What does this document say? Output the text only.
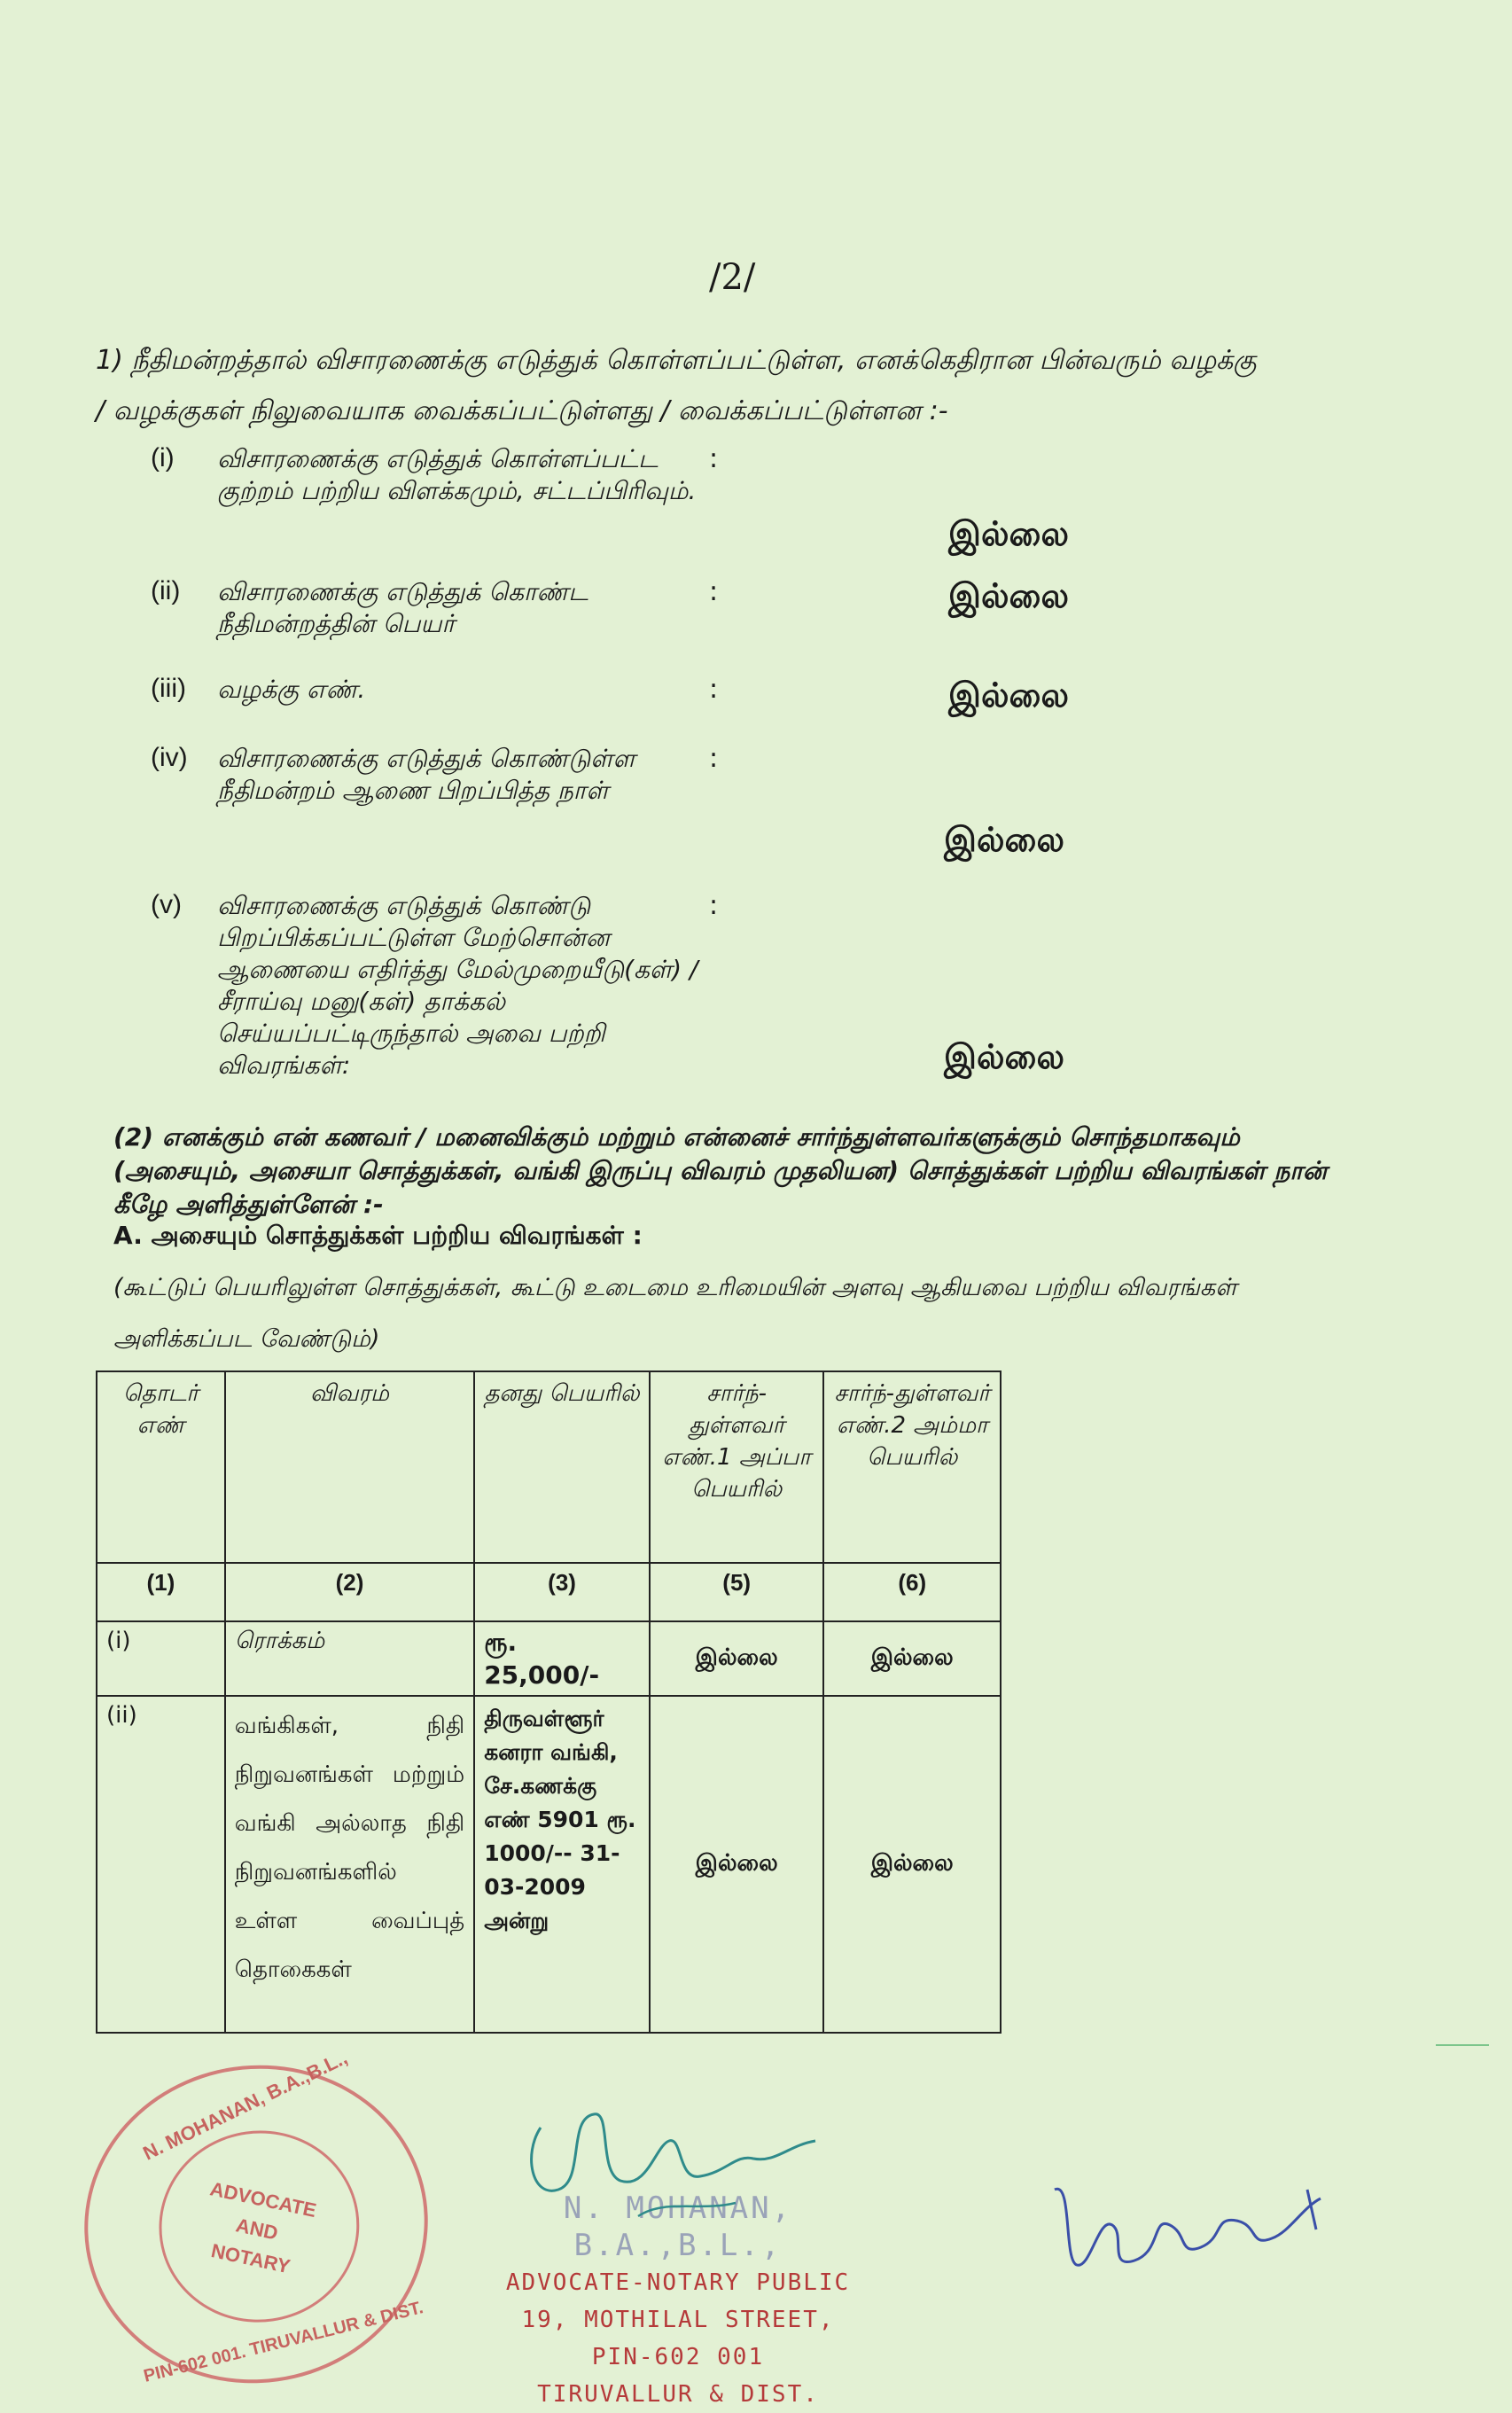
/2/
1) நீதிமன்றத்தால் விசாரணைக்கு எடுத்துக் கொள்ளப்பட்டுள்ள, எனக்கெதிரான பின்வரும் வழக்கு
/ வழக்குகள் நிலுவையாக வைக்கப்பட்டுள்ளது / வைக்கப்பட்டுள்ளன :-
(i) விசாரணைக்கு எடுத்துக் கொள்ளப்பட்ட குற்றம் பற்றிய விளக்கமும், சட்டப்பிரிவும்.
:
இல்லை
(ii) விசாரணைக்கு எடுத்துக் கொண்ட நீதிமன்றத்தின் பெயர்
:	இல்லை
(iii) வழக்கு எண்.	:	இல்லை
(iv) விசாரணைக்கு எடுத்துக் கொண்டுள்ள நீதிமன்றம் ஆணை பிறப்பித்த நாள்
:
இல்லை
(v) விசாரணைக்கு எடுத்துக் கொண்டு பிறப்பிக்கப்பட்டுள்ள மேற்சொன்ன ஆணையை எதிர்த்து மேல்முறையீடு(கள்) / சீராய்வு மனு(கள்) தாக்கல் செய்யப்பட்டிருந்தால் அவை பற்றி விவரங்கள்:
:
இல்லை
(2) எனக்கும் என் கணவர் / மனைவிக்கும் மற்றும் என்னைச் சார்ந்துள்ளவர்களுக்கும் சொந்தமாகவும் (அசையும், அசையா சொத்துக்கள், வங்கி இருப்பு விவரம் முதலியன) சொத்துக்கள் பற்றிய விவரங்கள் நான் கீழே அளித்துள்ளேன் :-
A. அசையும் சொத்துக்கள் பற்றிய விவரங்கள் :
(கூட்டுப் பெயரிலுள்ள சொத்துக்கள், கூட்டு உடைமை உரிமையின் அளவு ஆகியவை பற்றிய விவரங்கள் அளிக்கப்பட வேண்டும்)
தொடர் எண்	விவரம்	தனது பெயரில்	சார்ந்-துள்ளவர் எண்.1 அப்பா பெயரில்	சார்ந்-துள்ளவர் எண்.2 அம்மா பெயரில்
(1)	(2)	(3)	(5)	(6)
(i)	ரொக்கம்	ரூ. 25,000/-	இல்லை	இல்லை
(ii)	வங்கிகள், நிதி நிறுவனங்கள் மற்றும் வங்கி அல்லாத நிதி நிறுவனங்களில் உள்ள வைப்புத் தொகைகள்	திருவள்ளூர் கனரா வங்கி, சே.கணக்கு எண் 5901 ரூ. 1000/-- 31-03-2009 அன்று	இல்லை	இல்லை
N. MOHANAN, B.A.,B.L.,
ADVOCATE AND NOTARY
PIN-602 001. TIRUVALLUR & DIST.
N. MOHANAN, B.A.,B.L.,
ADVOCATE-NOTARY PUBLIC
19, MOTHILAL STREET,
PIN-602 001
TIRUVALLUR & DIST.
